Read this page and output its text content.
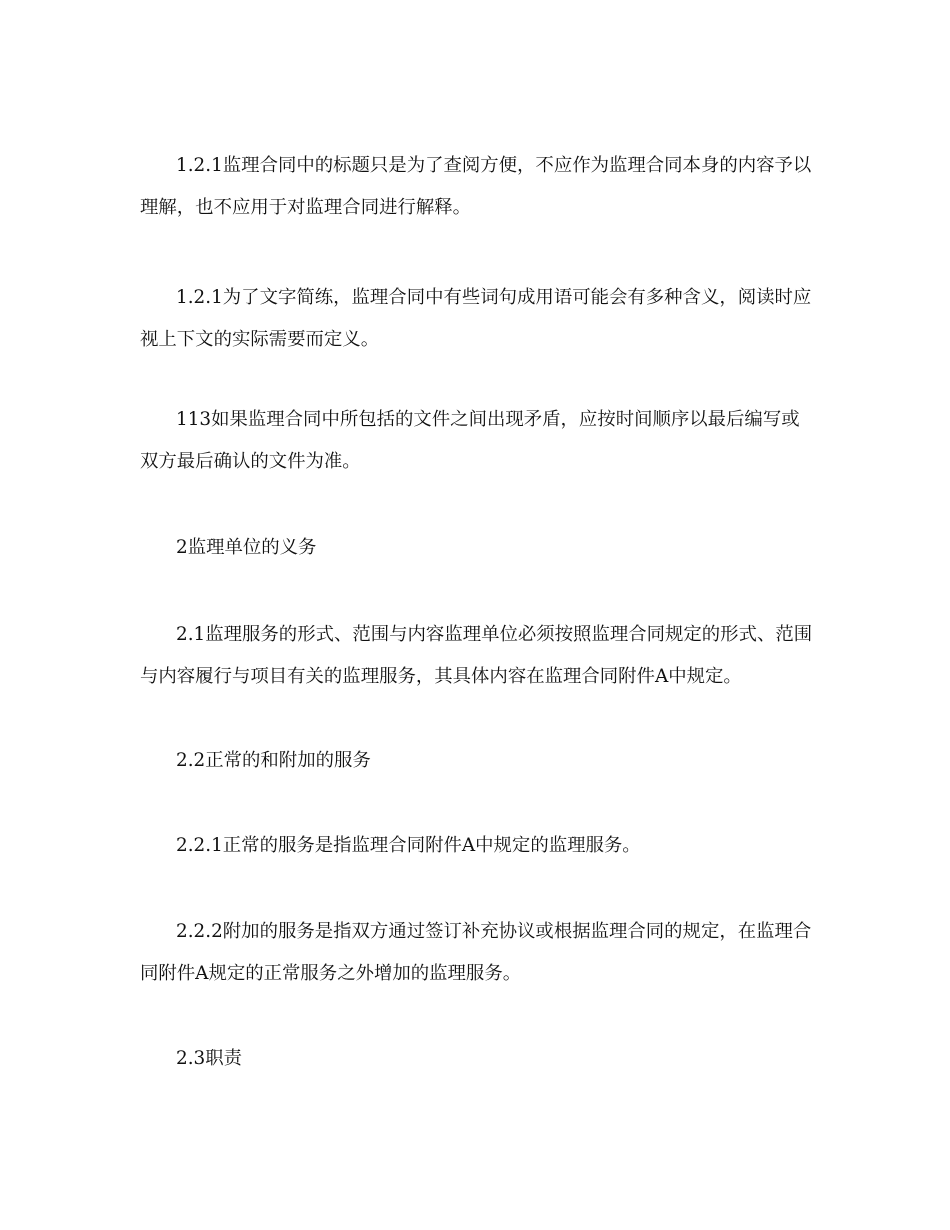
1.2.1监理合同中的标题只是为了查阅方便，不应作为监理合同本身的内容予以理解，也不应用于对监理合同进行解释。

1.2.1为了文字简练，监理合同中有些词句成用语可能会有多种含义，阅读时应视上下文的实际需要而定义。

113如果监理合同中所包括的文件之间出现矛盾，应按时间顺序以最后编写或双方最后确认的文件为准。

2监理单位的义务

2.1监理服务的形式、范围与内容监理单位必须按照监理合同规定的形式、范围与内容履行与项目有关的监理服务，其具体内容在监理合同附件A中规定。

2.2正常的和附加的服务

2.2.1正常的服务是指监理合同附件A中规定的监理服务。

2.2.2附加的服务是指双方通过签订补充协议或根据监理合同的规定，在监理合同附件A规定的正常服务之外增加的监理服务。

2.3职责
